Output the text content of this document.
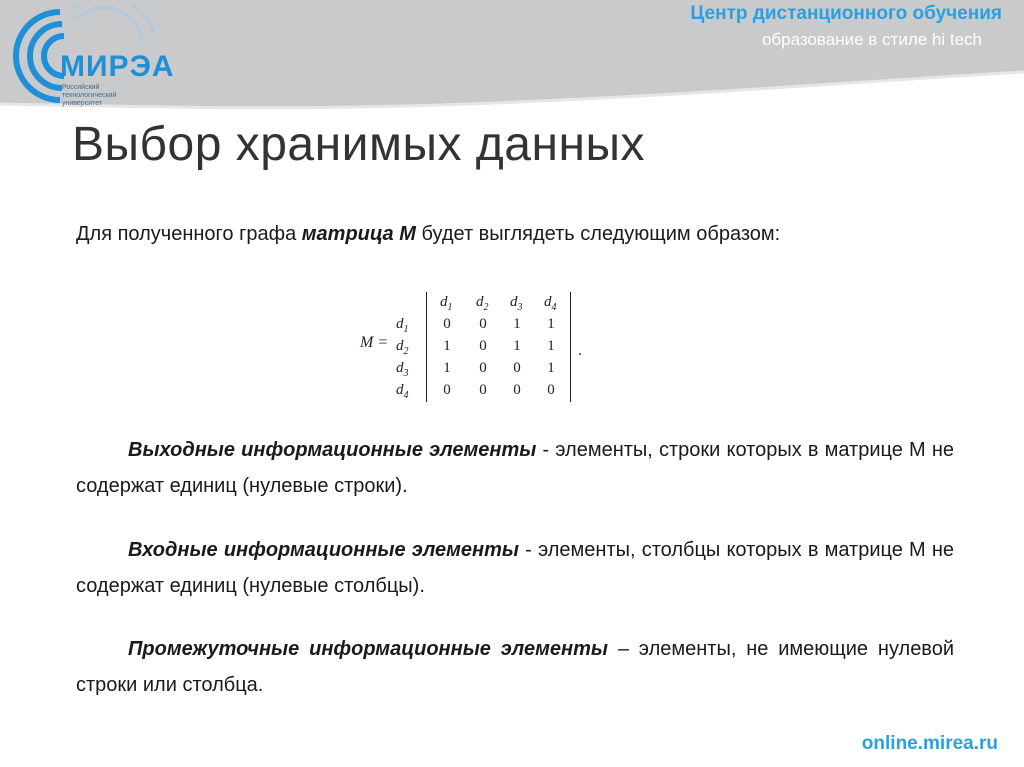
МИРЭА
Российский технологический университет
Центр дистанционного обучения
образование в стиле hi tech
Выбор хранимых данных
Для полученного графа матрица М будет выглядеть следующим образом:
M =
$d_1$ $d_2$ $d_3$ $d_4$
$d_1$ 0 0 1 1
$d_2$ 1 0 1 1
$d_3$ 1 0 0 1
$d_4$ 0 0 0 0
.
Выходные информационные элементы - элементы, строки которых в матрице М не содержат единиц (нулевые строки).
Входные информационные элементы - элементы, столбцы которых в матрице М не содержат единиц (нулевые столбцы).
Промежуточные информационные элементы – элементы, не имеющие нулевой строки или столбца.
online.mirea.ru
